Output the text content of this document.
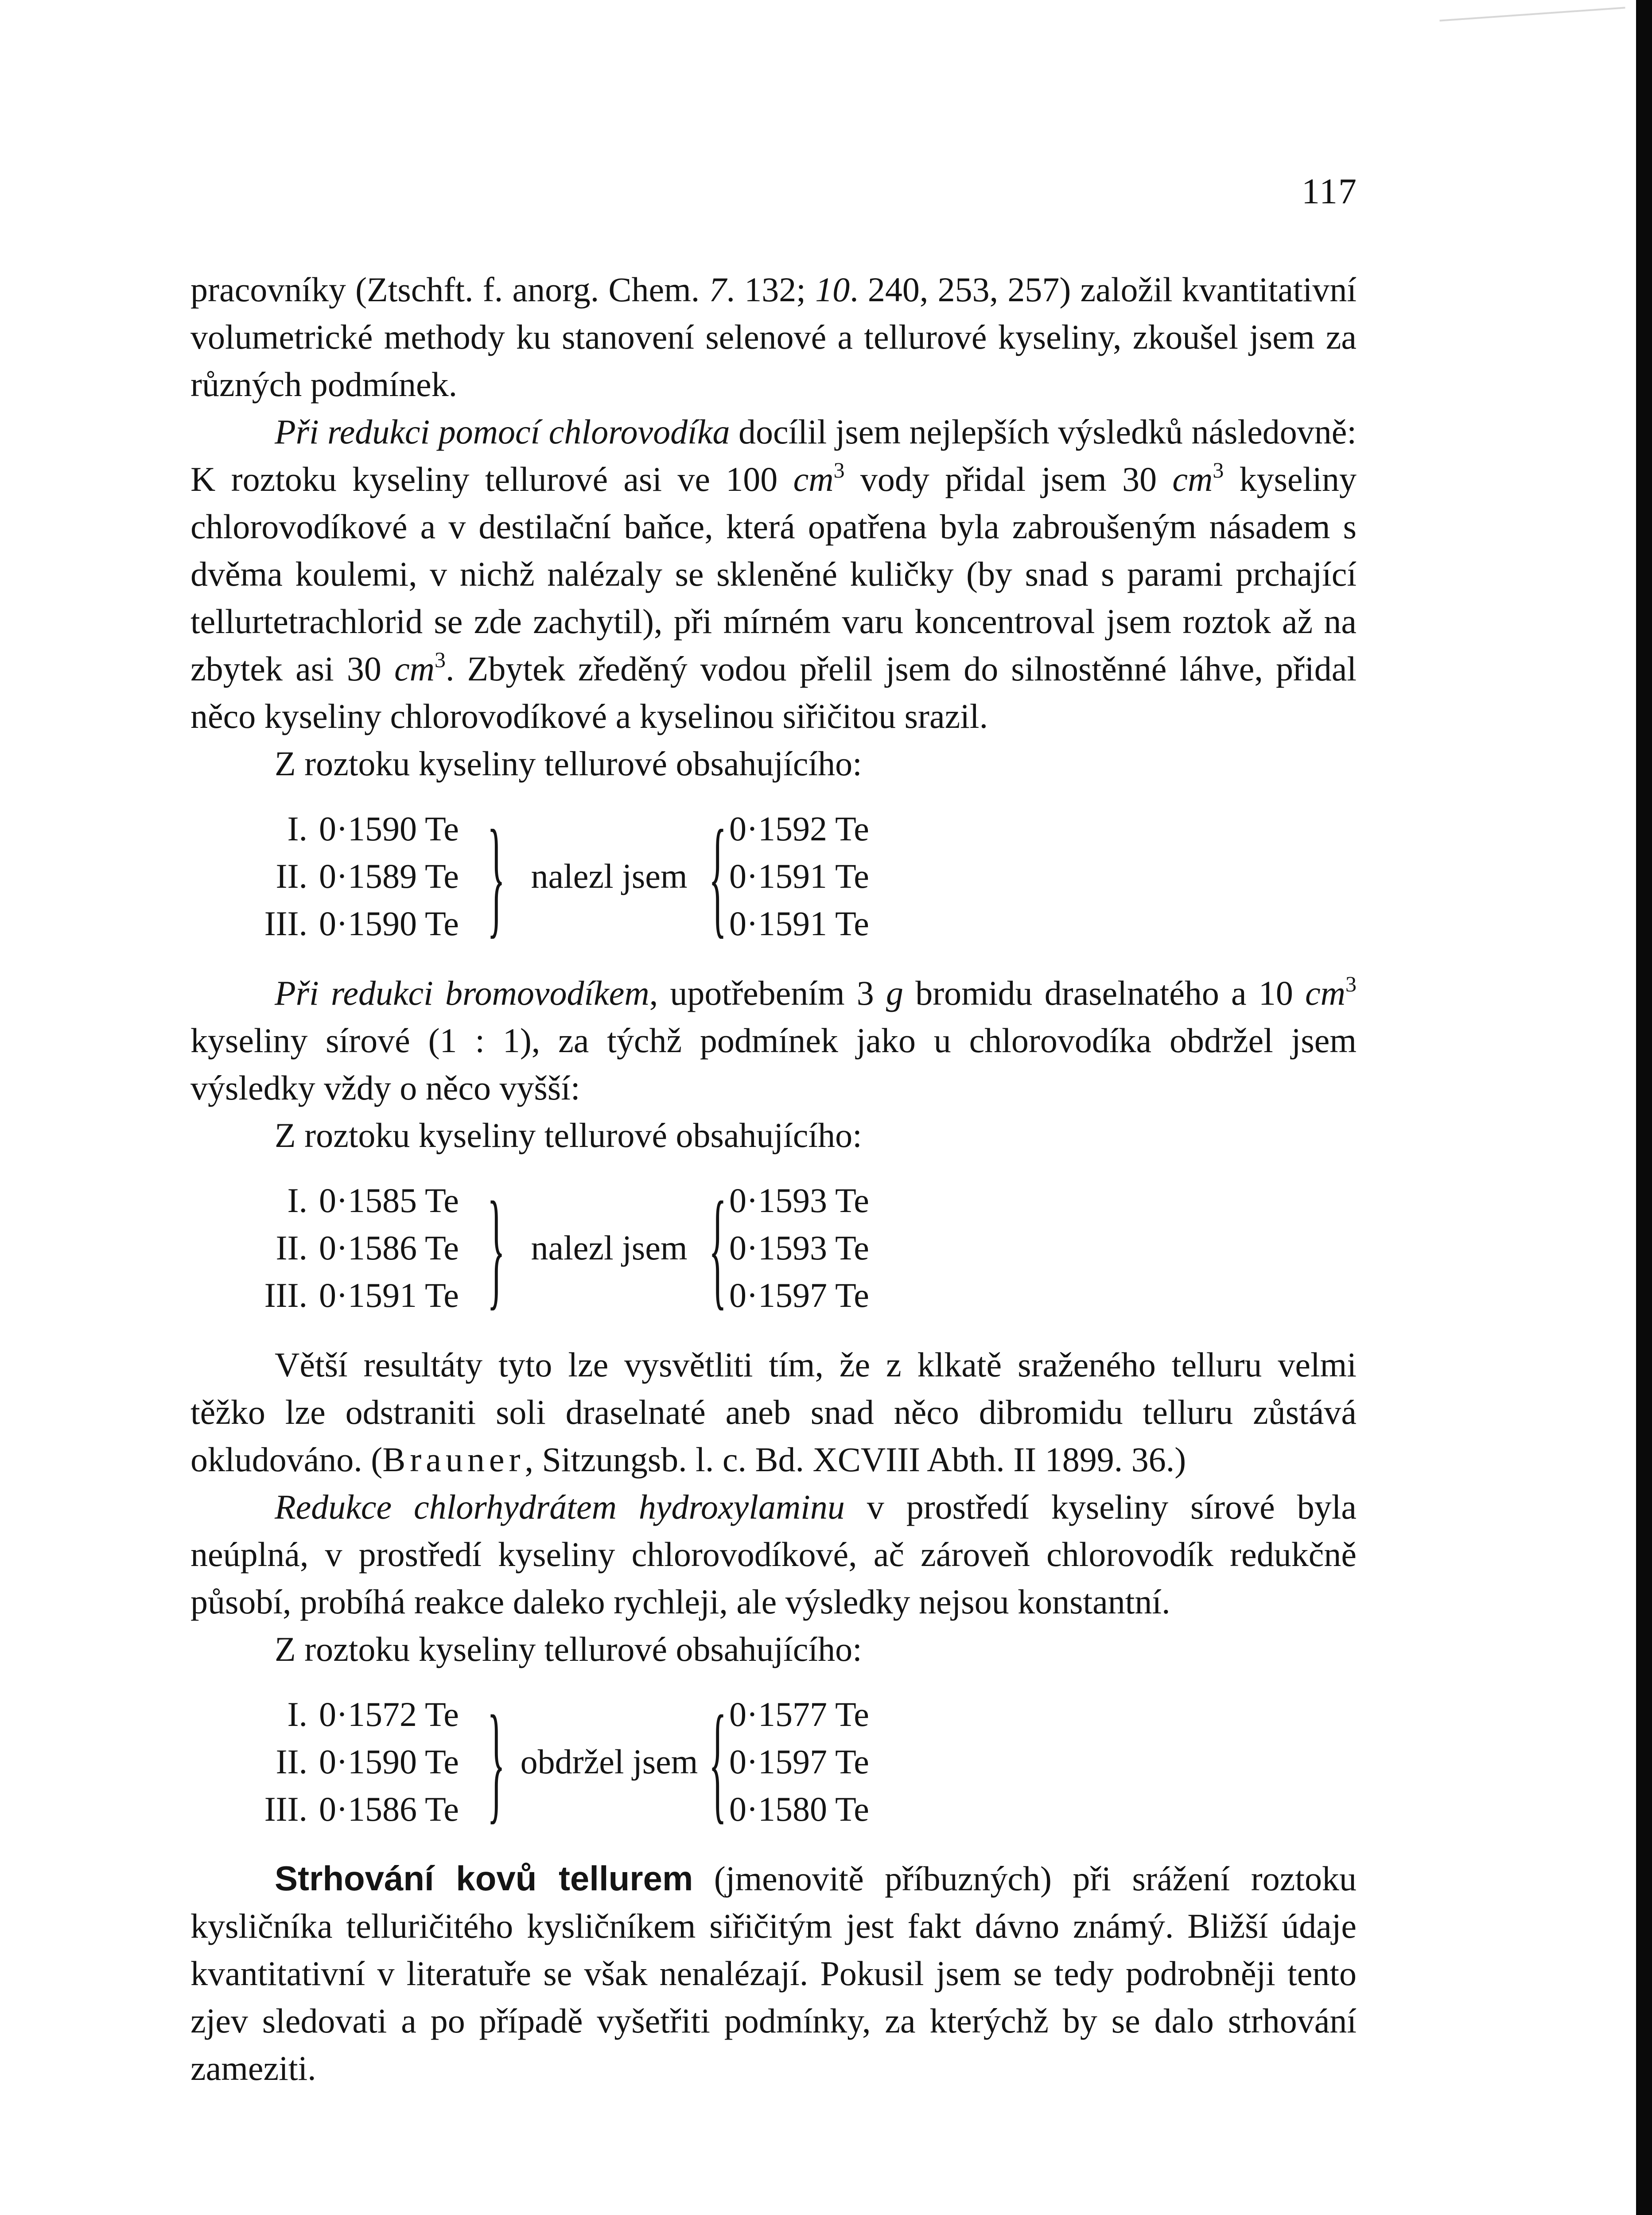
117

pracovníky (Ztschft. f. anorg. Chem. 7. 132; 10. 240, 253, 257) založil kvantitativní volumetrické methody ku stanovení selenové a tellurové kyseliny, zkoušel jsem za různých podmínek.

Při redukci pomocí chlorovodíka docílil jsem nejlepších výsledků následovně: K roztoku kyseliny tellurové asi ve 100 $cm^3$ vody přidal jsem 30 $cm^3$ kyseliny chlorovodíkové a v destilační baňce, která opatřena byla zabroušeným násadem s dvěma koulemi, v nichž nalézaly se skleněné kuličky (by snad s parami prchající tellurtetrachlorid se zde zachytil), při mírném varu koncentroval jsem roztok až na zbytek asi 30 $cm^3$. Zbytek zředěný vodou přelil jsem do silnostěnné láhve, přidal něco kyseliny chlorovodíkové a kyselinou siřičitou srazil.

Z roztoku kyseliny tellurové obsahujícího:

I.
II.
III.
0·1590 Te
0·1589 Te
0·1590 Te } nalezl jsem { 0·1592 Te
0·1591 Te
0·1591 Te

Při redukci bromovodíkem, upotřebením 3 g bromidu draselnatého a 10 $cm^3$ kyseliny sírové (1 : 1), za týchž podmínek jako u chlorovodíka obdržel jsem výsledky vždy o něco vyšší:

Z roztoku kyseliny tellurové obsahujícího:

I.
II.
III.
0·1585 Te
0·1586 Te
0·1591 Te } nalezl jsem { 0·1593 Te
0·1593 Te
0·1597 Te

Větší resultáty tyto lze vysvětliti tím, že z klkatě sraženého telluru velmi těžko lze odstraniti soli draselnaté aneb snad něco dibromidu telluru zůstává okludováno. (Brauner, Sitzungsb. l. c. Bd. XCVIII Abth. II 1899. 36.)

Redukce chlorhydrátem hydroxylaminu v prostředí kyseliny sírové byla neúplná, v prostředí kyseliny chlorovodíkové, ač zároveň chlorovodík redukčně působí, probíhá reakce daleko rychleji, ale výsledky nejsou konstantní.

Z roztoku kyseliny tellurové obsahujícího:

I.
II.
III.
0·1572 Te
0·1590 Te
0·1586 Te } obdržel jsem { 0·1577 Te
0·1597 Te
0·1580 Te

Strhování kovů tellurem (jmenovitě příbuzných) při srážení roztoku kysličníka telluričitého kysličníkem siřičitým jest fakt dávno známý. Bližší údaje kvantitativní v literatuře se však nenalézají. Pokusil jsem se tedy podrobněji tento zjev sledovati a po případě vyšetřiti podmínky, za kterýchž by se dalo strhování zameziti.
